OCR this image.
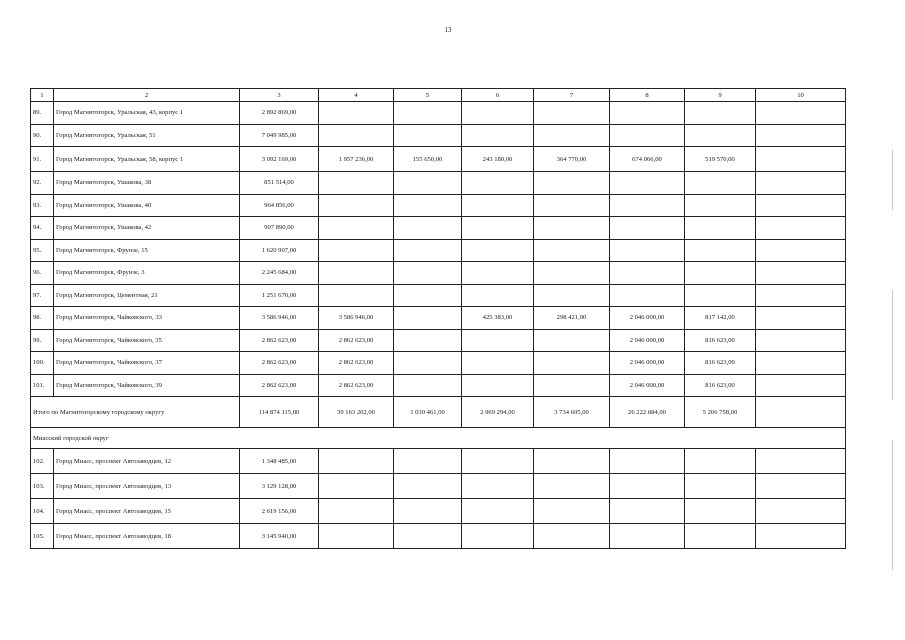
13
1	2	3	4	5	6	7	8	9	10
89.	Город Магнитогорск, Уральская, 43, корпус 1	2 892 869,00							
90.	Город Магнитогорск, Уральская, 51	7 049 985,00							
91.	Город Магнитогорск, Уральская, 58, корпус 1	3 092 169,00	1 957 236,00	155 650,00	243 180,00	364 770,00	674 066,00	519 570,00	
92.	Город Магнитогорск, Ушакова, 38	851 514,00							
93.	Город Магнитогорск, Ушакова, 40	964 856,00							
94.	Город Магнитогорск, Ушакова, 42	907 890,00							
95.	Город Магнитогорск, Фрунзе, 15	1 620 907,00							
96.	Город Магнитогорск, Фрунзе, 3	2 245 684,00							
97.	Город Магнитогорск, Цементная, 21	1 251 670,00							
98.	Город Магнитогорск, Чайковского, 33	3 586 946,00	3 586 946,00		425 383,00	298 421,00	2 046 000,00	817 142,00	
99.	Город Магнитогорск, Чайковского, 35	2 862 623,00	2 862 623,00				2 046 000,00	816 623,00	
100.	Город Магнитогорск, Чайковского, 37	2 862 623,00	2 862 623,00				2 046 000,00	816 623,00	
101.	Город Магнитогорск, Чайковского, 39	2 862 623,00	2 862 623,00				2 046 000,00	816 623,00	
Итого по Магнитогорскому городскому округу		114 874 115,00	39 163 202,00	1 030 461,00	2 969 294,00	3 734 605,00	26 222 084,00	5 206 758,00	
Миасский городской округ									
102.	Город Миасс, проспект Автозаводцев, 12	1 348 485,00							
103.	Город Миасс, проспект Автозаводцев, 13	3 129 128,00							
104.	Город Миасс, проспект Автозаводцев, 15	2 619 156,00							
105.	Город Миасс, проспект Автозаводцев, 18	3 145 940,00							
